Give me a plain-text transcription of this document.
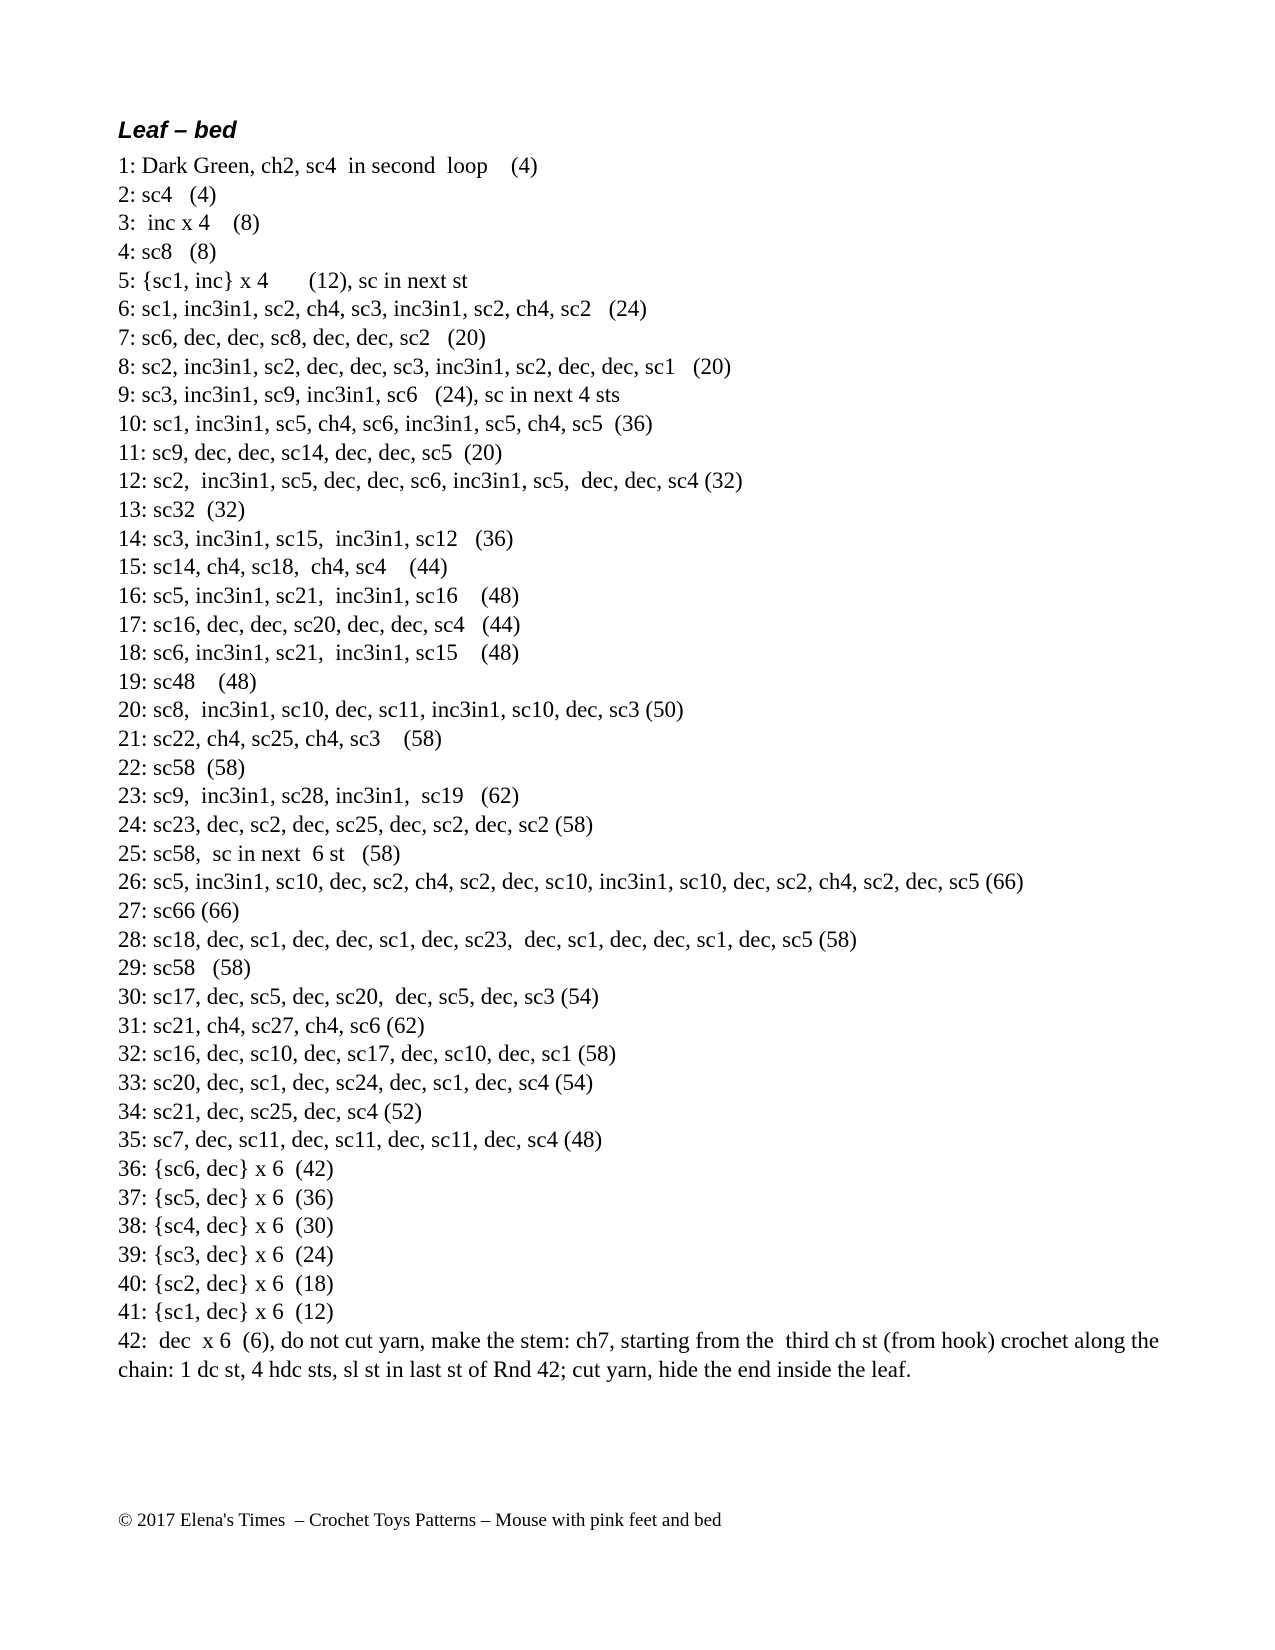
Leaf – bed
1: Dark Green, ch2, sc4  in second  loop    (4)
2: sc4   (4)
3:  inc x 4    (8)
4: sc8   (8)
5: {sc1, inc} x 4       (12), sc in next st
6: sc1, inc3in1, sc2, ch4, sc3, inc3in1, sc2, ch4, sc2   (24)
7: sc6, dec, dec, sc8, dec, dec, sc2   (20)
8: sc2, inc3in1, sc2, dec, dec, sc3, inc3in1, sc2, dec, dec, sc1   (20)
9: sc3, inc3in1, sc9, inc3in1, sc6   (24), sc in next 4 sts
10: sc1, inc3in1, sc5, ch4, sc6, inc3in1, sc5, ch4, sc5  (36)
11: sc9, dec, dec, sc14, dec, dec, sc5  (20)
12: sc2,  inc3in1, sc5, dec, dec, sc6, inc3in1, sc5,  dec, dec, sc4 (32)
13: sc32  (32)
14: sc3, inc3in1, sc15,  inc3in1, sc12   (36)
15: sc14, ch4, sc18,  ch4, sc4    (44)
16: sc5, inc3in1, sc21,  inc3in1, sc16    (48)
17: sc16, dec, dec, sc20, dec, dec, sc4   (44)
18: sc6, inc3in1, sc21,  inc3in1, sc15    (48)
19: sc48    (48)
20: sc8,  inc3in1, sc10, dec, sc11, inc3in1, sc10, dec, sc3 (50)
21: sc22, ch4, sc25, ch4, sc3    (58)
22: sc58  (58)
23: sc9,  inc3in1, sc28, inc3in1,  sc19   (62)
24: sc23, dec, sc2, dec, sc25, dec, sc2, dec, sc2 (58)
25: sc58,  sc in next  6 st   (58)
26: sc5, inc3in1, sc10, dec, sc2, ch4, sc2, dec, sc10, inc3in1, sc10, dec, sc2, ch4, sc2, dec, sc5 (66)
27: sc66 (66)
28: sc18, dec, sc1, dec, dec, sc1, dec, sc23,  dec, sc1, dec, dec, sc1, dec, sc5 (58)
29: sc58   (58)
30: sc17, dec, sc5, dec, sc20,  dec, sc5, dec, sc3 (54)
31: sc21, ch4, sc27, ch4, sc6 (62)
32: sc16, dec, sc10, dec, sc17, dec, sc10, dec, sc1 (58)
33: sc20, dec, sc1, dec, sc24, dec, sc1, dec, sc4 (54)
34: sc21, dec, sc25, dec, sc4 (52)
35: sc7, dec, sc11, dec, sc11, dec, sc11, dec, sc4 (48)
36: {sc6, dec} x 6  (42)
37: {sc5, dec} x 6  (36)
38: {sc4, dec} x 6  (30)
39: {sc3, dec} x 6  (24)
40: {sc2, dec} x 6  (18)
41: {sc1, dec} x 6  (12)
42:  dec  x 6  (6), do not cut yarn, make the stem: ch7, starting from the  third ch st (from hook) crochet along the chain: 1 dc st, 4 hdc sts, sl st in last st of Rnd 42; cut yarn, hide the end inside the leaf.

© 2017 Elena's Times  – Crochet Toys Patterns – Mouse with pink feet and bed
